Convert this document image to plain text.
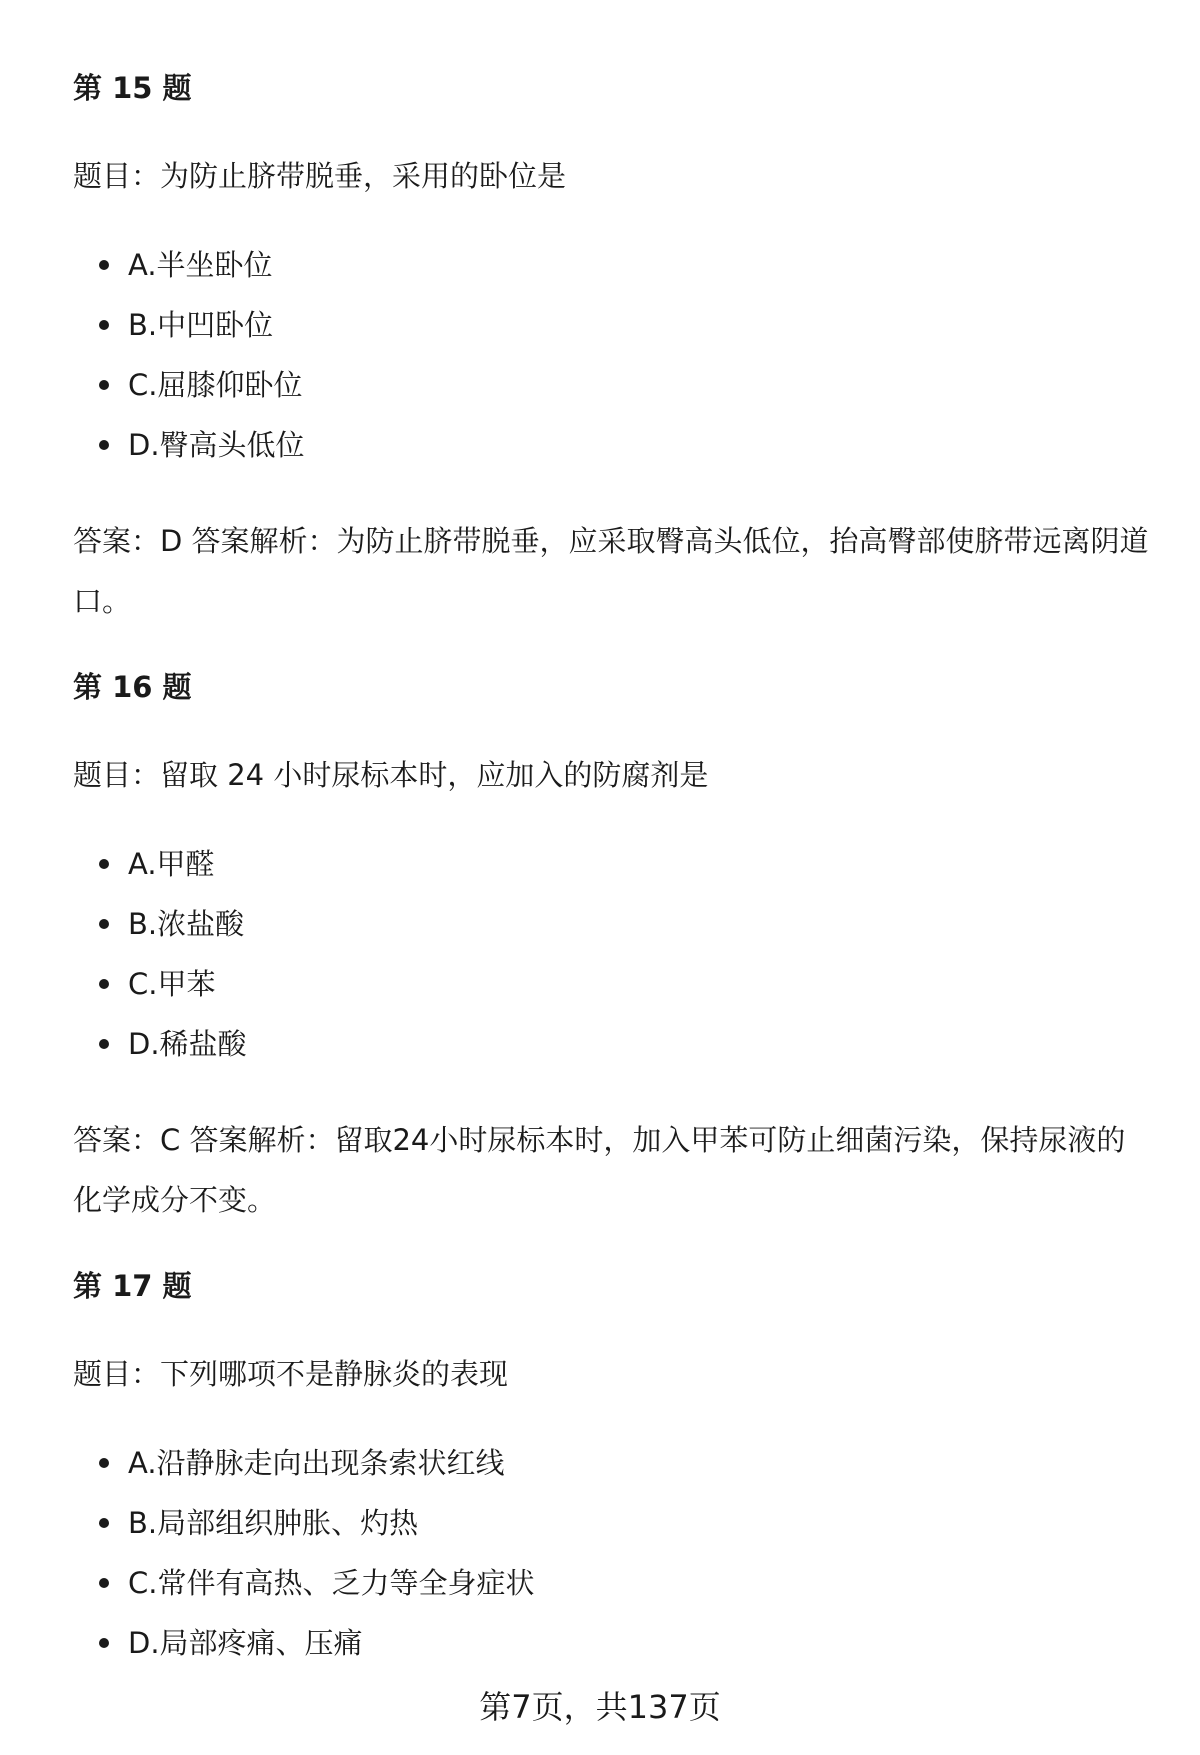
第 15 题

题目：为防止脐带脱垂，采用的卧位是

A.半坐卧位
B.中凹卧位
C.屈膝仰卧位
D.臀高头低位

答案：D 答案解析：为防止脐带脱垂，应采取臀高头低位，抬高臀部使脐带远离阴道口。

第 16 题

题目：留取 24 小时尿标本时，应加入的防腐剂是

A.甲醛
B.浓盐酸
C.甲苯
D.稀盐酸

答案：C 答案解析：留取24小时尿标本时，加入甲苯可防止细菌污染，保持尿液的化学成分不变。

第 17 题

题目：下列哪项不是静脉炎的表现

A.沿静脉走向出现条索状红线
B.局部组织肿胀、灼热
C.常伴有高热、乏力等全身症状
D.局部疼痛、压痛
第7页，共137页
